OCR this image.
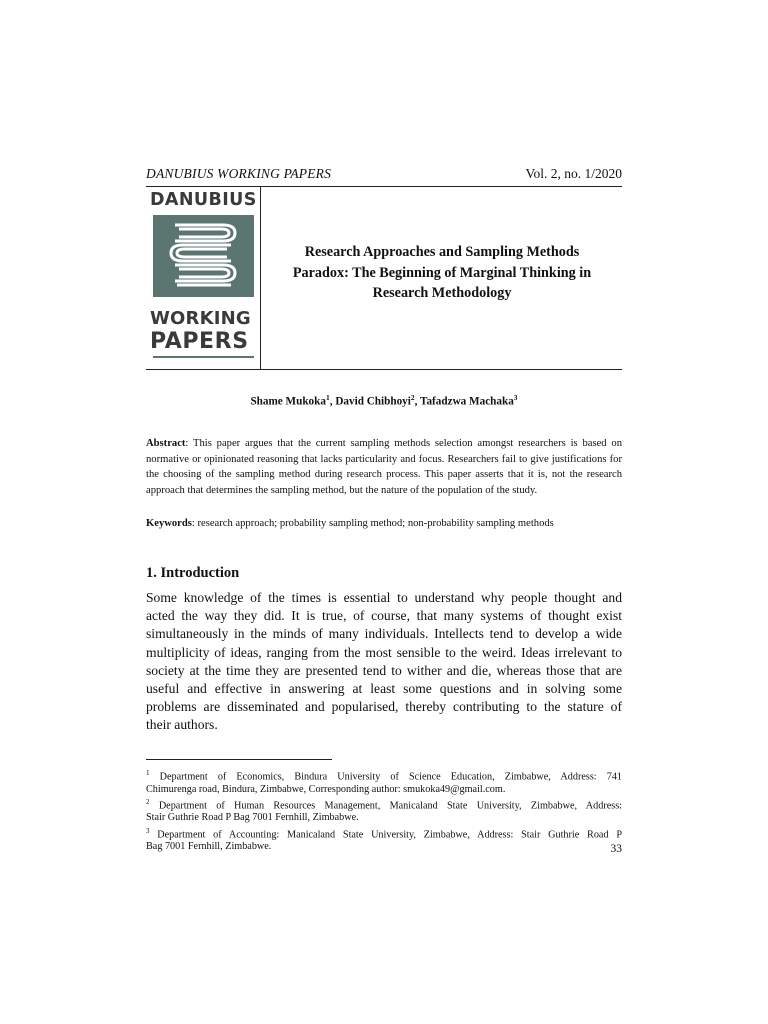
DANUBIUS WORKING PAPERS	Vol. 2, no. 1/2020
DANUBIUS
WORKING
PAPERS
Research Approaches and Sampling Methods
Paradox: The Beginning of Marginal Thinking in
Research Methodology
Shame Mukoka$^1$, David Chibhoyi$^2$, Tafadzwa Machaka$^3$
Abstract: This paper argues that the current sampling methods selection amongst researchers is based on normative or opinionated reasoning that lacks particularity and focus. Researchers fail to give justifications for the choosing of the sampling method during research process. This paper asserts that it is, not the research approach that determines the sampling method, but the nature of the population of the study.
Keywords: research approach; probability sampling method; non-probability sampling methods
1. Introduction
Some knowledge of the times is essential to understand why people thought and
acted the way they did. It is true, of course, that many systems of thought exist
simultaneously in the minds of many individuals. Intellects tend to develop a wide
multiplicity of ideas, ranging from the most sensible to the weird. Ideas irrelevant to
society at the time they are presented tend to wither and die, whereas those that are
useful and effective in answering at least some questions and in solving some
problems are disseminated and popularised, thereby contributing to the stature of
their authors.
$^1$ Department of Economics, Bindura University of Science Education, Zimbabwe, Address: 741
Chimurenga road, Bindura, Zimbabwe, Corresponding author: smukoka49@gmail.com.
$^2$ Department of Human Resources Management, Manicaland State University, Zimbabwe, Address:
Stair Guthrie Road P Bag 7001 Fernhill, Zimbabwe.
$^3$ Department of Accounting: Manicaland State University, Zimbabwe, Address: Stair Guthrie Road P
Bag 7001 Fernhill, Zimbabwe.	33
